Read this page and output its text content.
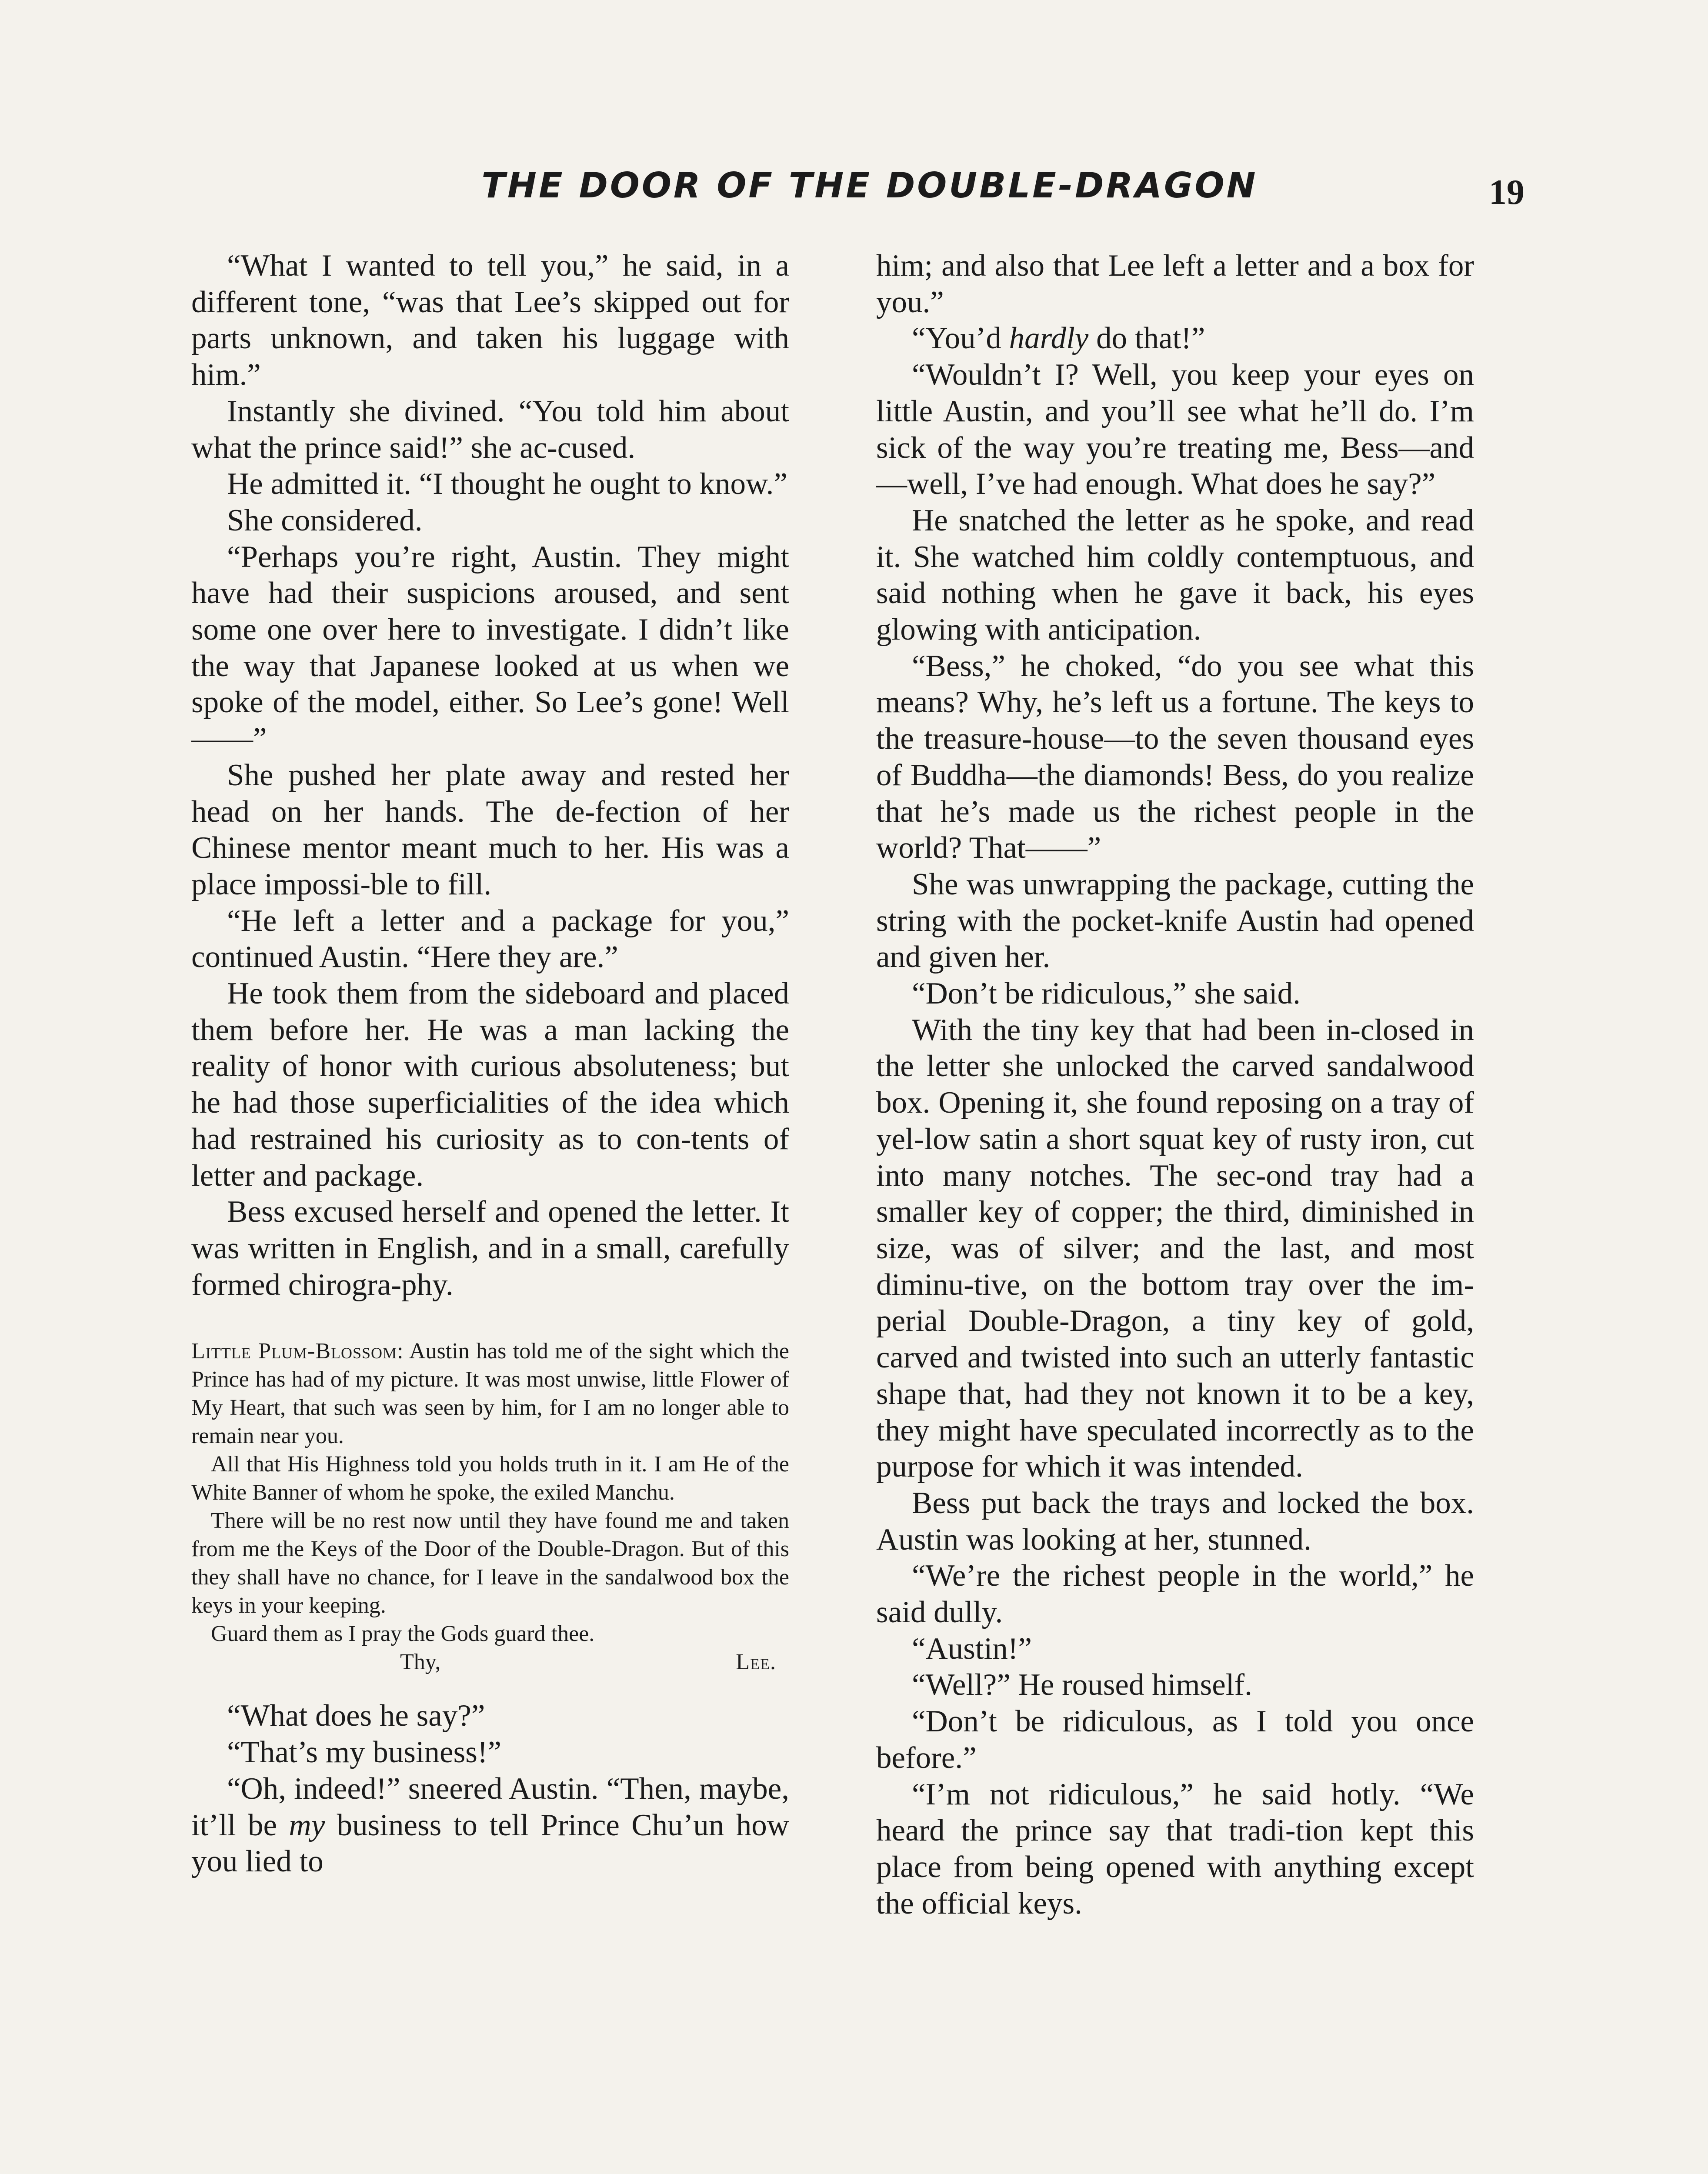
THE DOOR OF THE DOUBLE-DRAGON	19

“What I wanted to tell you,” he said, in a different tone, “was that Lee’s skipped out for parts unknown, and taken his luggage with him.”

Instantly she divined. “You told him about what the prince said!” she ac-cused.

He admitted it. “I thought he ought to know.”

She considered.

“Perhaps you’re right, Austin. They might have had their suspicions aroused, and sent some one over here to investigate. I didn’t like the way that Japanese looked at us when we spoke of the model, either. So Lee’s gone! Well——”

She pushed her plate away and rested her head on her hands. The de-fection of her Chinese mentor meant much to her. His was a place impossi-ble to fill.

“He left a letter and a package for you,” continued Austin. “Here they are.”

He took them from the sideboard and placed them before her. He was a man lacking the reality of honor with curious absoluteness; but he had those superficialities of the idea which had restrained his curiosity as to con-tents of letter and package.

Bess excused herself and opened the letter. It was written in English, and in a small, carefully formed chirogra-phy.

Little Plum-Blossom: Austin has told me of the sight which the Prince has had of my picture. It was most unwise, little Flower of My Heart, that such was seen by him, for I am no longer able to remain near you.

All that His Highness told you holds truth in it. I am He of the White Banner of whom he spoke, the exiled Manchu.

There will be no rest now until they have found me and taken from me the Keys of the Door of the Double-Dragon. But of this they shall have no chance, for I leave in the sandalwood box the keys in your keeping.

Guard them as I pray the Gods guard thee.

Thy,	Lee.

“What does he say?”

“That’s my business!”

“Oh, indeed!” sneered Austin. “Then, maybe, it’ll be my business to tell Prince Chu’un how you lied to

him; and also that Lee left a letter and a box for you.”

“You’d hardly do that!”

“Wouldn’t I? Well, you keep your eyes on little Austin, and you’ll see what he’ll do. I’m sick of the way you’re treating me, Bess—and—well, I’ve had enough. What does he say?”

He snatched the letter as he spoke, and read it. She watched him coldly contemptuous, and said nothing when he gave it back, his eyes glowing with anticipation.

“Bess,” he choked, “do you see what this means? Why, he’s left us a fortune. The keys to the treasure-house—to the seven thousand eyes of Buddha—the diamonds! Bess, do you realize that he’s made us the richest people in the world? That——”

She was unwrapping the package, cutting the string with the pocket-knife Austin had opened and given her.

“Don’t be ridiculous,” she said.

With the tiny key that had been in-closed in the letter she unlocked the carved sandalwood box. Opening it, she found reposing on a tray of yel-low satin a short squat key of rusty iron, cut into many notches. The sec-ond tray had a smaller key of copper; the third, diminished in size, was of silver; and the last, and most diminu-tive, on the bottom tray over the im-perial Double-Dragon, a tiny key of gold, carved and twisted into such an utterly fantastic shape that, had they not known it to be a key, they might have speculated incorrectly as to the purpose for which it was intended.

Bess put back the trays and locked the box. Austin was looking at her, stunned.

“We’re the richest people in the world,” he said dully.

“Austin!”

“Well?” He roused himself.

“Don’t be ridiculous, as I told you once before.”

“I’m not ridiculous,” he said hotly. “We heard the prince say that tradi-tion kept this place from being opened with anything except the official keys.
